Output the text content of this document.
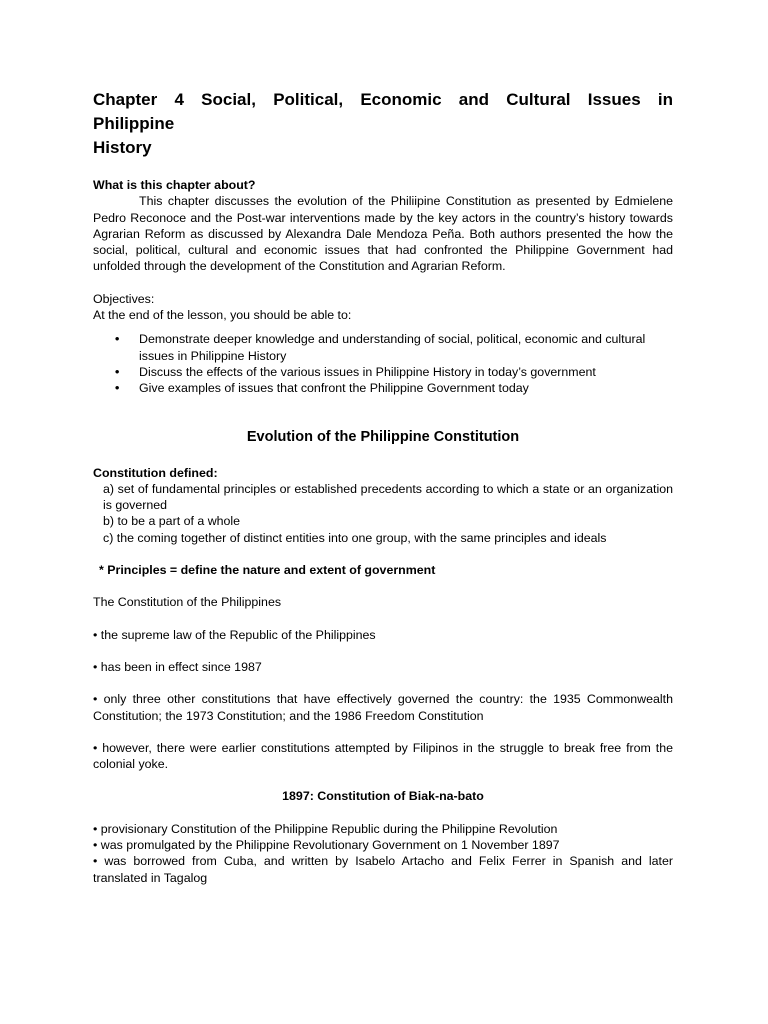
Chapter 4 Social, Political, Economic and Cultural Issues in
Philippine
History

What is this chapter about?

This chapter discusses the evolution of the Philiipine Constitution as presented by Edmielene Pedro Reconoce and the Post-war interventions made by the key actors in the country’s history towards Agrarian Reform as discussed by Alexandra Dale Mendoza Peña. Both authors presented the how the social, political, cultural and economic issues that had confronted the Philippine Government had unfolded through the development of the Constitution and Agrarian Reform.

Objectives:

At the end of the lesson, you should be able to:

• Demonstrate deeper knowledge and understanding of social, political, economic and cultural issues in Philippine History
• Discuss the effects of the various issues in Philippine History in today’s government
• Give examples of issues that confront the Philippine Government today

Evolution of the Philippine Constitution

Constitution defined:

a) set of fundamental principles or established precedents according to which a state or an organization is governed

b) to be a part of a whole

c) the coming together of distinct entities into one group, with the same principles and ideals

* Principles = define the nature and extent of government

The Constitution of the Philippines

• the supreme law of the Republic of the Philippines

• has been in effect since 1987

• only three other constitutions that have effectively governed the country: the 1935 Commonwealth Constitution; the 1973 Constitution; and the 1986 Freedom Constitution

• however, there were earlier constitutions attempted by Filipinos in the struggle to break free from the colonial yoke.

1897: Constitution of Biak-na-bato

• provisionary Constitution of the Philippine Republic during the Philippine Revolution

• was promulgated by the Philippine Revolutionary Government on 1 November 1897

• was borrowed from Cuba, and written by Isabelo Artacho and Felix Ferrer in Spanish and later translated in Tagalog
